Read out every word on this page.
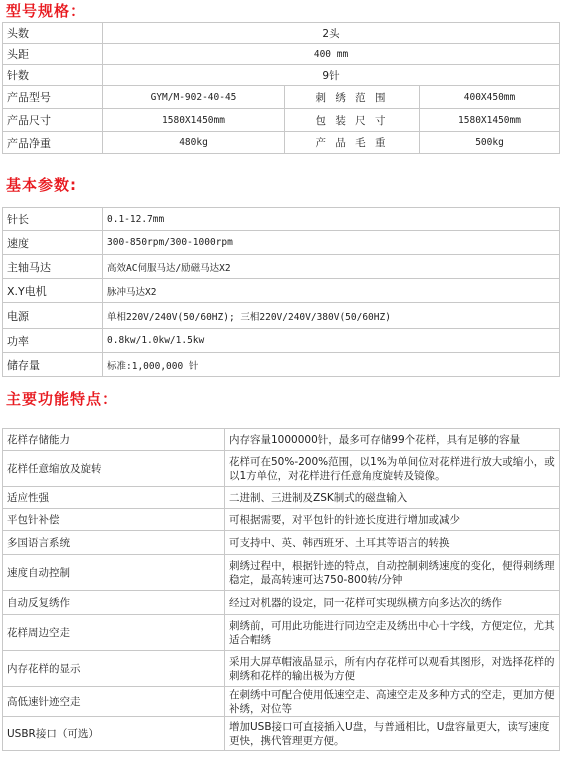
型号规格：
头数	2头		
头距	400 mm		
针数	9针		
产品型号	GYM/M-902-40-45	刺 绣 范 围	400X450mm
产品尺寸	1580X1450mm	包 装 尺 寸	1580X1450mm
产品净重	480kg	产 品 毛 重	500kg
基本参数:
针长	0.1-12.7mm
速度	300-850rpm/300-1000rpm
主轴马达	高效AC伺服马达/励磁马达X2
X.Y电机	脉冲马达X2
电源	单相220V/240V(50/60HZ); 三相220V/240V/380V(50/60HZ)
功率	0.8kw/1.0kw/1.5kw
储存量	标准:1,000,000 针
主要功能特点：
花样存储能力	内存容量1000000针，最多可存储99个花样，具有足够的容量
花样任意缩放及旋转	花样可在50%-200%范围，以1%为单间位对花样进行放大或缩小，或以1方单位，对花样进行任意角度旋转及镜像。
适应性强	二进制、三进制及ZSK制式的磁盘输入
平包针补偿	可根据需要，对平包针的针迹长度进行增加或减少
多国语言系统	可支持中、英、韩西班牙、土耳其等语言的转换
速度自动控制	刺绣过程中，根据针迹的特点，自动控制刺绣速度的变化，便得刺绣理稳定，最高转速可达750-800转/分钟
自动反复绣作	经过对机器的设定，同一花样可实现纵横方向多达次的绣作
花样周边空走	刺绣前，可用此功能进行同边空走及绣出中心十字线，方便定位，尤其适合帽绣
内存花样的显示	采用大屏草帽液晶显示，所有内存花样可以观看其图形，对选择花样的刺绣和花样的输出极为方便
高低速针迹空走	在刺绣中可配合使用低速空走、高速空走及多种方式的空走，更加方便补绣，对位等
USBR接口（可选）	增加USB接口可直接插入U盘，与普通相比，U盘容量更大，读写速度更快，携代管理更方便。
